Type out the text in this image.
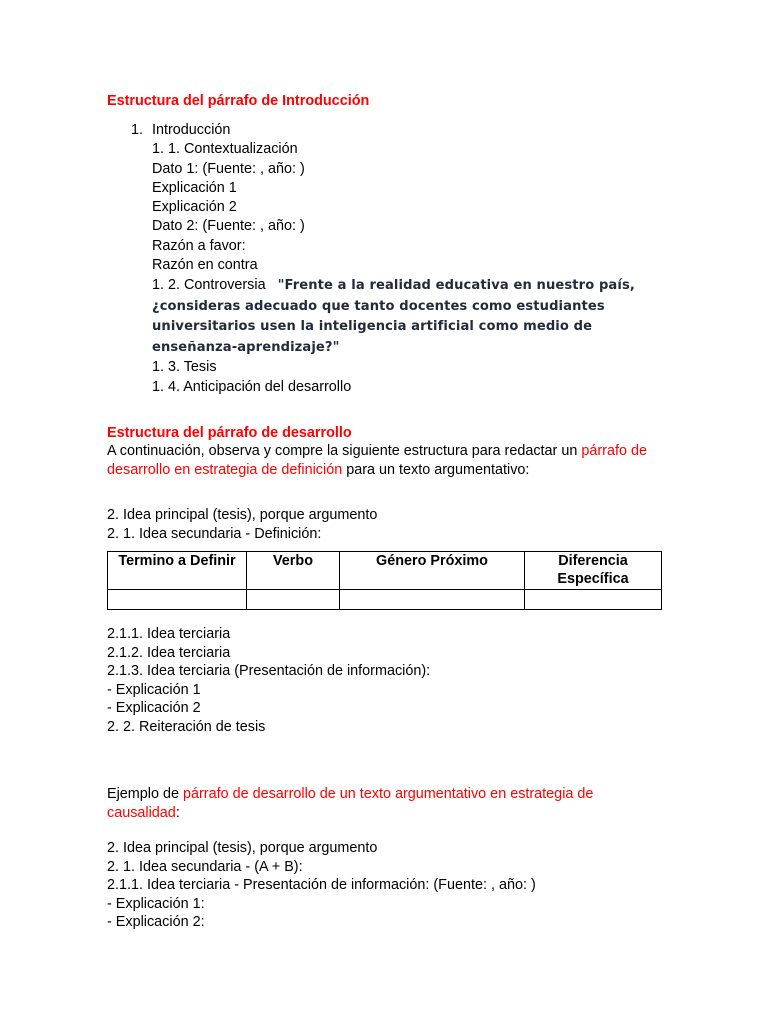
Estructura del párrafo de Introducción
1. Introducción
1. 1. Contextualización
Dato 1: (Fuente: , año: )
Explicación 1
Explicación 2
Dato 2: (Fuente: , año: )
Razón a favor:
Razón en contra
1. 2. Controversia "Frente a la realidad educativa en nuestro país,
¿consideras adecuado que tanto docentes como estudiantes
universitarios usen la inteligencia artificial como medio de
enseñanza-aprendizaje?"
1. 3. Tesis
1. 4. Anticipación del desarrollo
Estructura del párrafo de desarrollo
A continuación, observa y compre la siguiente estructura para redactar un párrafo de desarrollo en estrategia de definición para un texto argumentativo:
2. Idea principal (tesis), porque argumento
2. 1. Idea secundaria - Definición:
Termino a Definir	Verbo	Género Próximo	Diferencia Específica

2.1.1. Idea terciaria
2.1.2. Idea terciaria
2.1.3. Idea terciaria (Presentación de información):
- Explicación 1
- Explicación 2
2. 2. Reiteración de tesis
Ejemplo de párrafo de desarrollo de un texto argumentativo en estrategia de causalidad:
2. Idea principal (tesis), porque argumento
2. 1. Idea secundaria - (A + B):
2.1.1. Idea terciaria - Presentación de información: (Fuente: , año: )
- Explicación 1:
- Explicación 2:
